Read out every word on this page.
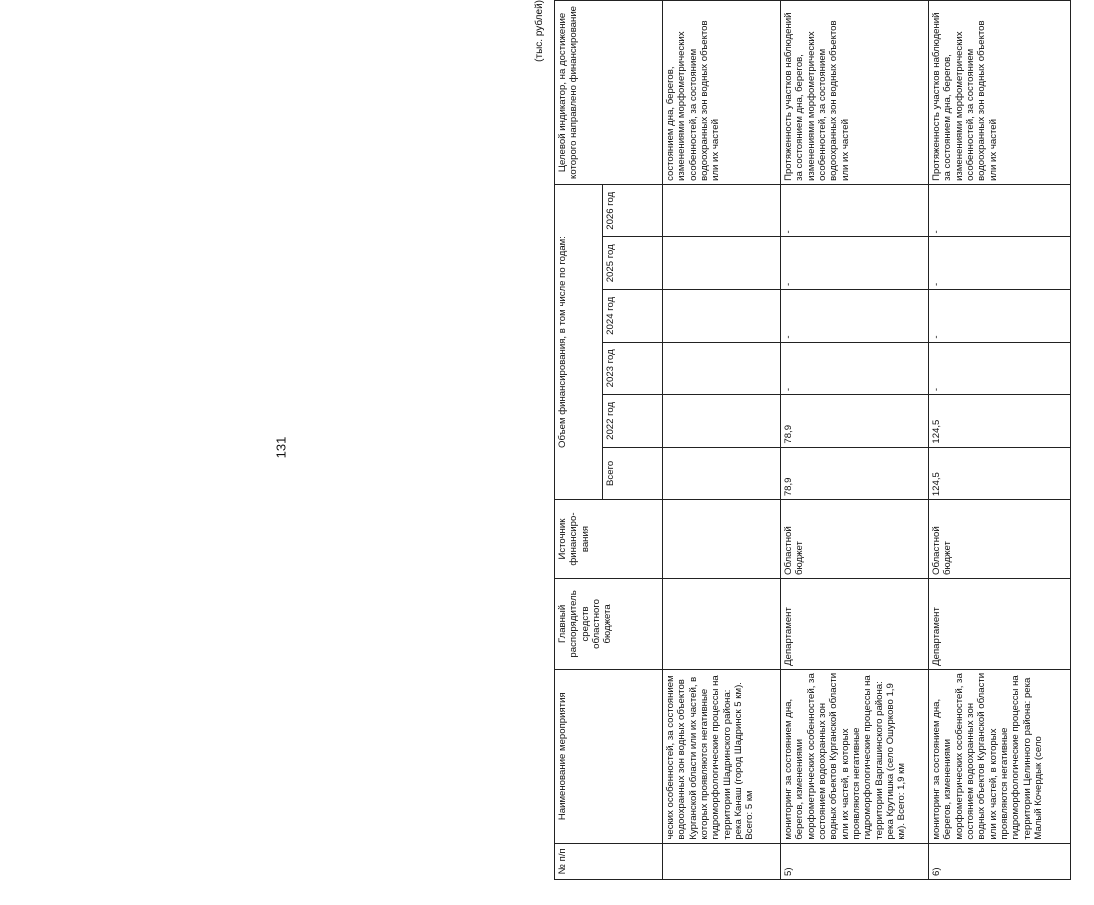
131
(тыс. рублей)
№ п/п	Наименование мероприятия	Главный распорядитель средств областного бюджета	Источник финансиро-вания	Объем финансирования, в том числе по годам:						Целевой индикатор, на достижение которого направлено финансирование
				Всего	2022 год	2023 год	2024 год	2025 год	2026 год	
	ческих особенностей, за состоянием водоохранных зон водных объектов Курганской области или их частей, в которых проявляются негативные гидроморфологические процессы на территории Шадринского района: река Канаш (город Шадринск 5 км). Всего: 5 км									состоянием дна, берегов, изменениями морфометрических особенностей, за состоянием водоохранных зон водных объектов или их частей
5)	мониторинг за состоянием дна, берегов, изменениями морфометрических особенностей, за состоянием водоохранных зон водных объектов Курганской области или их частей, в которых проявляются негативные гидроморфологические процессы на территории Варгашинского района: река Крутишка (село Ошурково 1,9 км). Всего: 1,9 км	Департамент	Областной бюджет	78,9	78,9	-	-	-	-	Протяженность участков наблюдений за состоянием дна, берегов, изменениями морфометрических особенностей, за состоянием водоохранных зон водных объектов или их частей
6)	мониторинг за состоянием дна, берегов, изменениями морфометрических особенностей, за состоянием водоохранных зон водных объектов Курганской области или их частей, в которых проявляются негативные гидроморфологические процессы на территории Целинного района: река Малый Кочердык (село	Департамент	Областной бюджет	124,5	124,5	-	-	-	-	Протяженность участков наблюдений за состоянием дна, берегов, изменениями морфометрических особенностей, за состоянием водоохранных зон водных объектов или их частей
